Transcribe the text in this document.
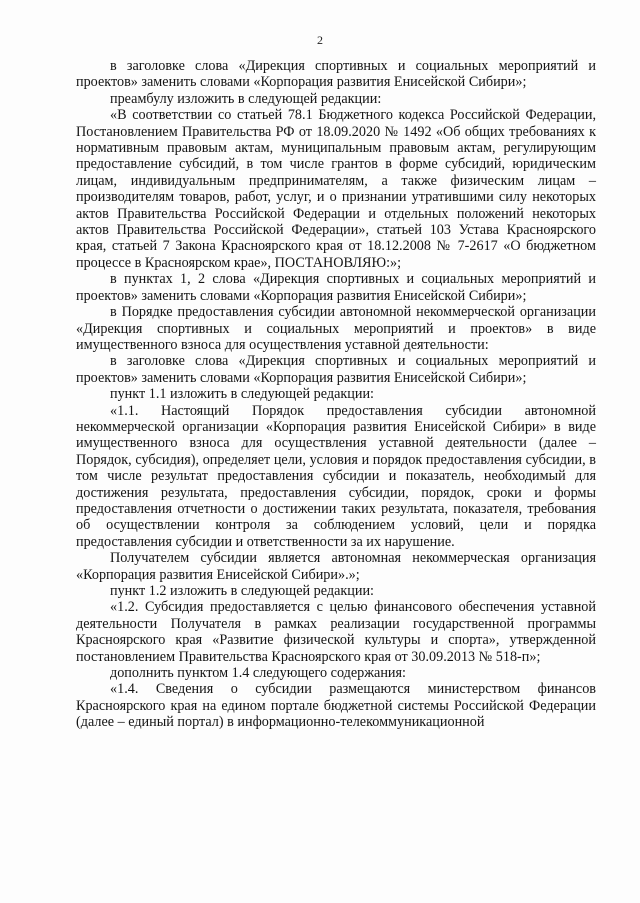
2

в заголовке слова «Дирекция спортивных и социальных мероприятий и проектов» заменить словами «Корпорация развития Енисейской Сибири»;

преамбулу изложить в следующей редакции:

«В соответствии со статьей 78.1 Бюджетного кодекса Российской Федерации, Постановлением Правительства РФ от 18.09.2020 № 1492 «Об общих требованиях к нормативным правовым актам, муниципальным правовым актам, регулирующим предоставление субсидий, в том числе грантов в форме субсидий, юридическим лицам, индивидуальным предпринимателям, а также физическим лицам – производителям товаров, работ, услуг, и о признании утратившими силу некоторых актов Правительства Российской Федерации и отдельных положений некоторых актов Правительства Российской Федерации», статьей 103 Устава Красноярского края, статьей 7 Закона Красноярского края от 18.12.2008 № 7-2617 «О бюджетном процессе в Красноярском крае», ПОСТАНОВЛЯЮ:»;

в пунктах 1, 2 слова «Дирекция спортивных и социальных мероприятий и проектов» заменить словами «Корпорация развития Енисейской Сибири»;

в Порядке предоставления субсидии автономной некоммерческой организации «Дирекция спортивных и социальных мероприятий и проектов» в виде имущественного взноса для осуществления уставной деятельности:

в заголовке слова «Дирекция спортивных и социальных мероприятий и проектов» заменить словами «Корпорация развития Енисейской Сибири»;

пункт 1.1 изложить в следующей редакции:

«1.1. Настоящий Порядок предоставления субсидии автономной некоммерческой организации «Корпорация развития Енисейской Сибири» в виде имущественного взноса для осуществления уставной деятельности (далее – Порядок, субсидия), определяет цели, условия и порядок предоставления субсидии, в том числе результат предоставления субсидии и показатель, необходимый для достижения результата, предоставления субсидии, порядок, сроки и формы предоставления отчетности о достижении таких результата, показателя, требования об осуществлении контроля за соблюдением условий, цели и порядка предоставления субсидии и ответственности за их нарушение.

Получателем субсидии является автономная некоммерческая организация «Корпорация развития Енисейской Сибири».»;

пункт 1.2 изложить в следующей редакции:

«1.2. Субсидия предоставляется с целью финансового обеспечения уставной деятельности Получателя в рамках реализации государственной программы Красноярского края «Развитие физической культуры и спорта», утвержденной постановлением Правительства Красноярского края от 30.09.2013 № 518-п»;

дополнить пунктом 1.4 следующего содержания:

«1.4. Сведения о субсидии размещаются министерством финансов Красноярского края на едином портале бюджетной системы Российской Федерации (далее – единый портал) в информационно-телекоммуникационной
